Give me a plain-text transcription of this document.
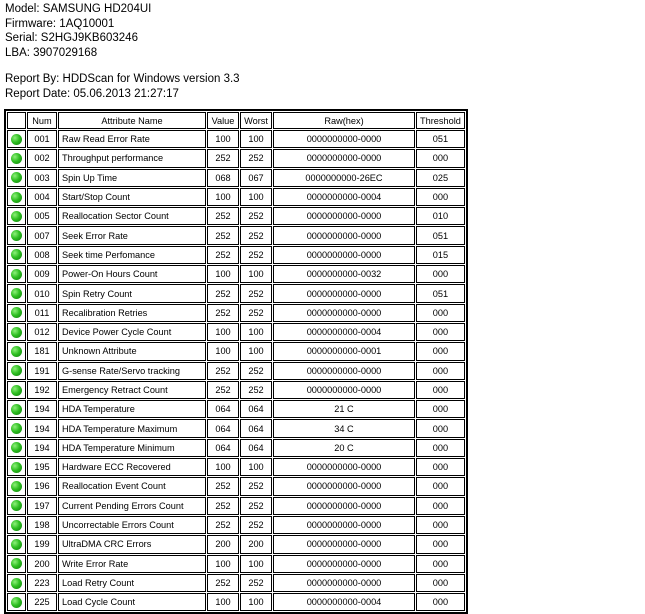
Model: SAMSUNG HD204UI
Firmware: 1AQ10001
Serial: S2HGJ9KB603246
LBA: 3907029168
Report By: HDDScan for Windows version 3.3
Report Date: 05.06.2013 21:27:17
	Num	Attribute Name	Value	Worst	Raw(hex)	Threshold
	001	Raw Read Error Rate	100	100	0000000000-0000	051
	002	Throughput performance	252	252	0000000000-0000	000
	003	Spin Up Time	068	067	0000000000-26EC	025
	004	Start/Stop Count	100	100	0000000000-0004	000
	005	Reallocation Sector Count	252	252	0000000000-0000	010
	007	Seek Error Rate	252	252	0000000000-0000	051
	008	Seek time Perfomance	252	252	0000000000-0000	015
	009	Power-On Hours Count	100	100	0000000000-0032	000
	010	Spin Retry Count	252	252	0000000000-0000	051
	011	Recalibration Retries	252	252	0000000000-0000	000
	012	Device Power Cycle Count	100	100	0000000000-0004	000
	181	Unknown Attribute	100	100	0000000000-0001	000
	191	G-sense Rate/Servo tracking	252	252	0000000000-0000	000
	192	Emergency Retract Count	252	252	0000000000-0000	000
	194	HDA Temperature	064	064	21 C	000
	194	HDA Temperature Maximum	064	064	34 C	000
	194	HDA Temperature Minimum	064	064	20 C	000
	195	Hardware ECC Recovered	100	100	0000000000-0000	000
	196	Reallocation Event Count	252	252	0000000000-0000	000
	197	Current Pending Errors Count	252	252	0000000000-0000	000
	198	Uncorrectable Errors Count	252	252	0000000000-0000	000
	199	UltraDMA CRC Errors	200	200	0000000000-0000	000
	200	Write Error Rate	100	100	0000000000-0000	000
	223	Load Retry Count	252	252	0000000000-0000	000
	225	Load Cycle Count	100	100	0000000000-0004	000
